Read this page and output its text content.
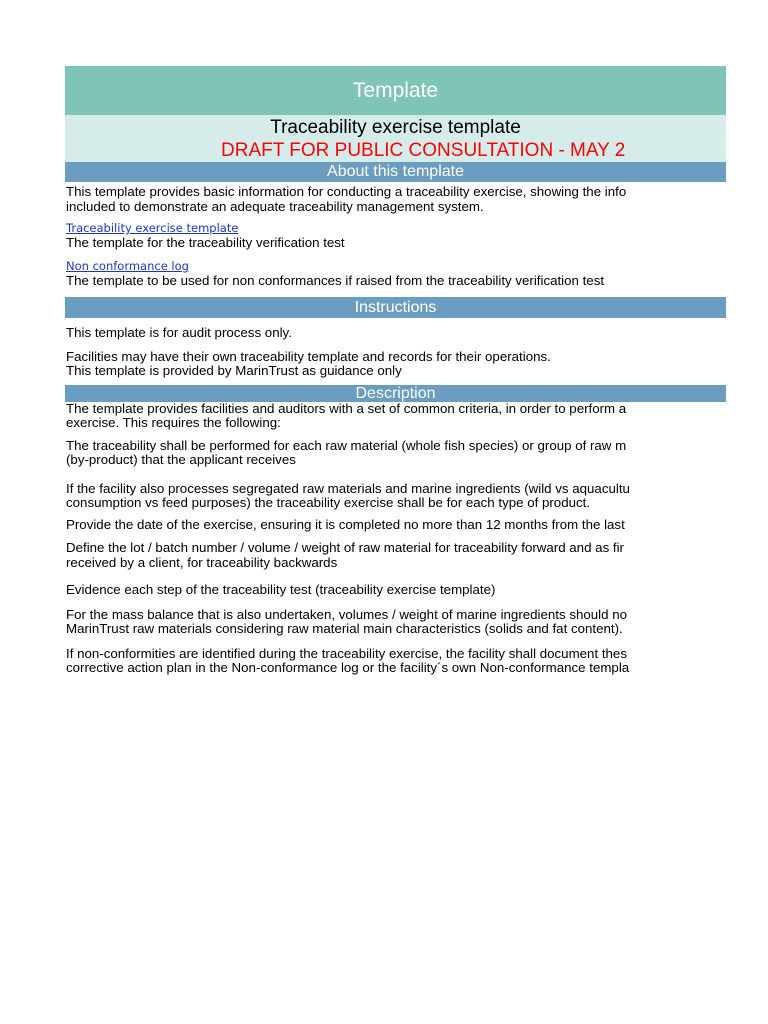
Template
Traceability exercise template
DRAFT FOR PUBLIC CONSULTATION - MAY 2
About this template
This template provides basic information for conducting a traceability exercise, showing the info
included to demonstrate an adequate traceability management system.
Traceability exercise template
The template for the traceability verification test
Non conformance log
The template to be used for non conformances if raised from the traceability verification test
Instructions
This template is for audit process only.
Facilities may have their own traceability template and records for their operations.
This template is provided by MarinTrust as guidance only
Description
The template provides facilities and auditors with a set of common criteria, in order to perform a
exercise. This requires the following:
The traceability shall be performed for each raw material (whole fish species) or group of raw m
(by-product) that the applicant receives
If the facility also processes segregated raw materials and marine ingredients (wild vs aquacultu
consumption vs feed purposes) the traceability exercise shall be for each type of product.
Provide the date of the exercise, ensuring it is completed no more than 12 months from the last
Define the lot / batch number / volume / weight of raw material for traceability forward and as fir
received by a client, for traceability backwards
Evidence each step of the traceability test (traceability exercise template)
For the mass balance that is also undertaken, volumes / weight of marine ingredients should no
MarinTrust raw materials considering raw material main characteristics (solids and fat content).
If non-conformities are identified during the traceability exercise, the facility shall document thes
corrective action plan in the Non-conformance log or the facility´s own Non-conformance templa
